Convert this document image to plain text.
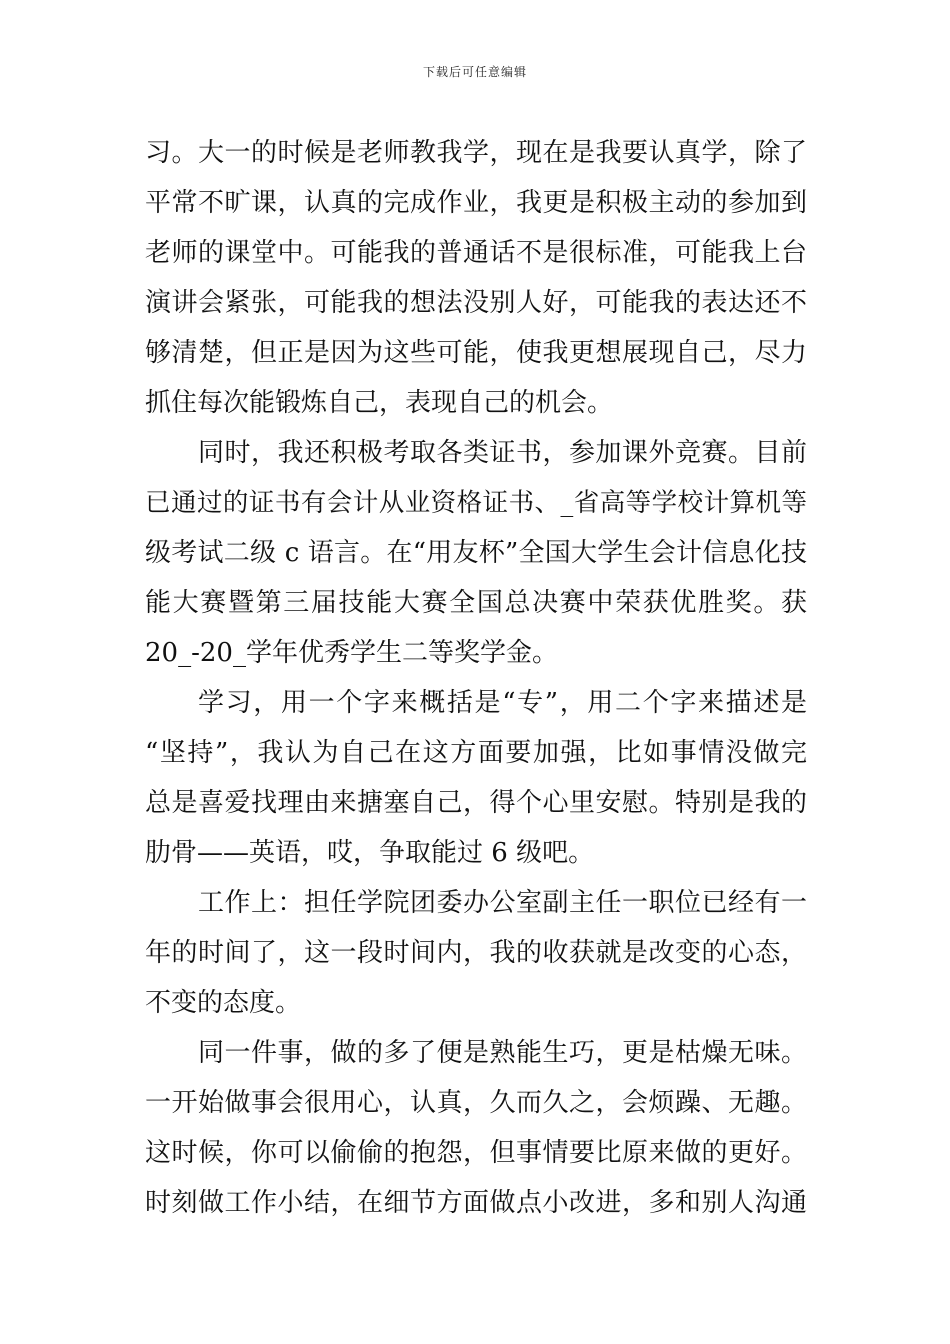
下载后可任意编辑
习。大一的时候是老师教我学，现在是我要认真学，除了
平常不旷课，认真的完成作业，我更是积极主动的参加到
老师的课堂中。可能我的普通话不是很标准，可能我上台
演讲会紧张，可能我的想法没别人好，可能我的表达还不
够清楚，但正是因为这些可能，使我更想展现自己，尽力
抓住每次能锻炼自己，表现自己的机会。
同时，我还积极考取各类证书，参加课外竞赛。目前
已通过的证书有会计从业资格证书、_省高等学校计算机等
级考试二级 c 语言。在“用友杯”全国大学生会计信息化技
能大赛暨第三届技能大赛全国总决赛中荣获优胜奖。获
20_-20_学年优秀学生二等奖学金。
学习，用一个字来概括是“专”，用二个字来描述是
“坚持”，我认为自己在这方面要加强，比如事情没做完
总是喜爱找理由来搪塞自己，得个心里安慰。特别是我的
肋骨——英语，哎，争取能过 6 级吧。
工作上：担任学院团委办公室副主任一职位已经有一
年的时间了，这一段时间内，我的收获就是改变的心态，
不变的态度。
同一件事，做的多了便是熟能生巧，更是枯燥无味。
一开始做事会很用心，认真，久而久之，会烦躁、无趣。
这时候，你可以偷偷的抱怨，但事情要比原来做的更好。
时刻做工作小结，在细节方面做点小改进，多和别人沟通
